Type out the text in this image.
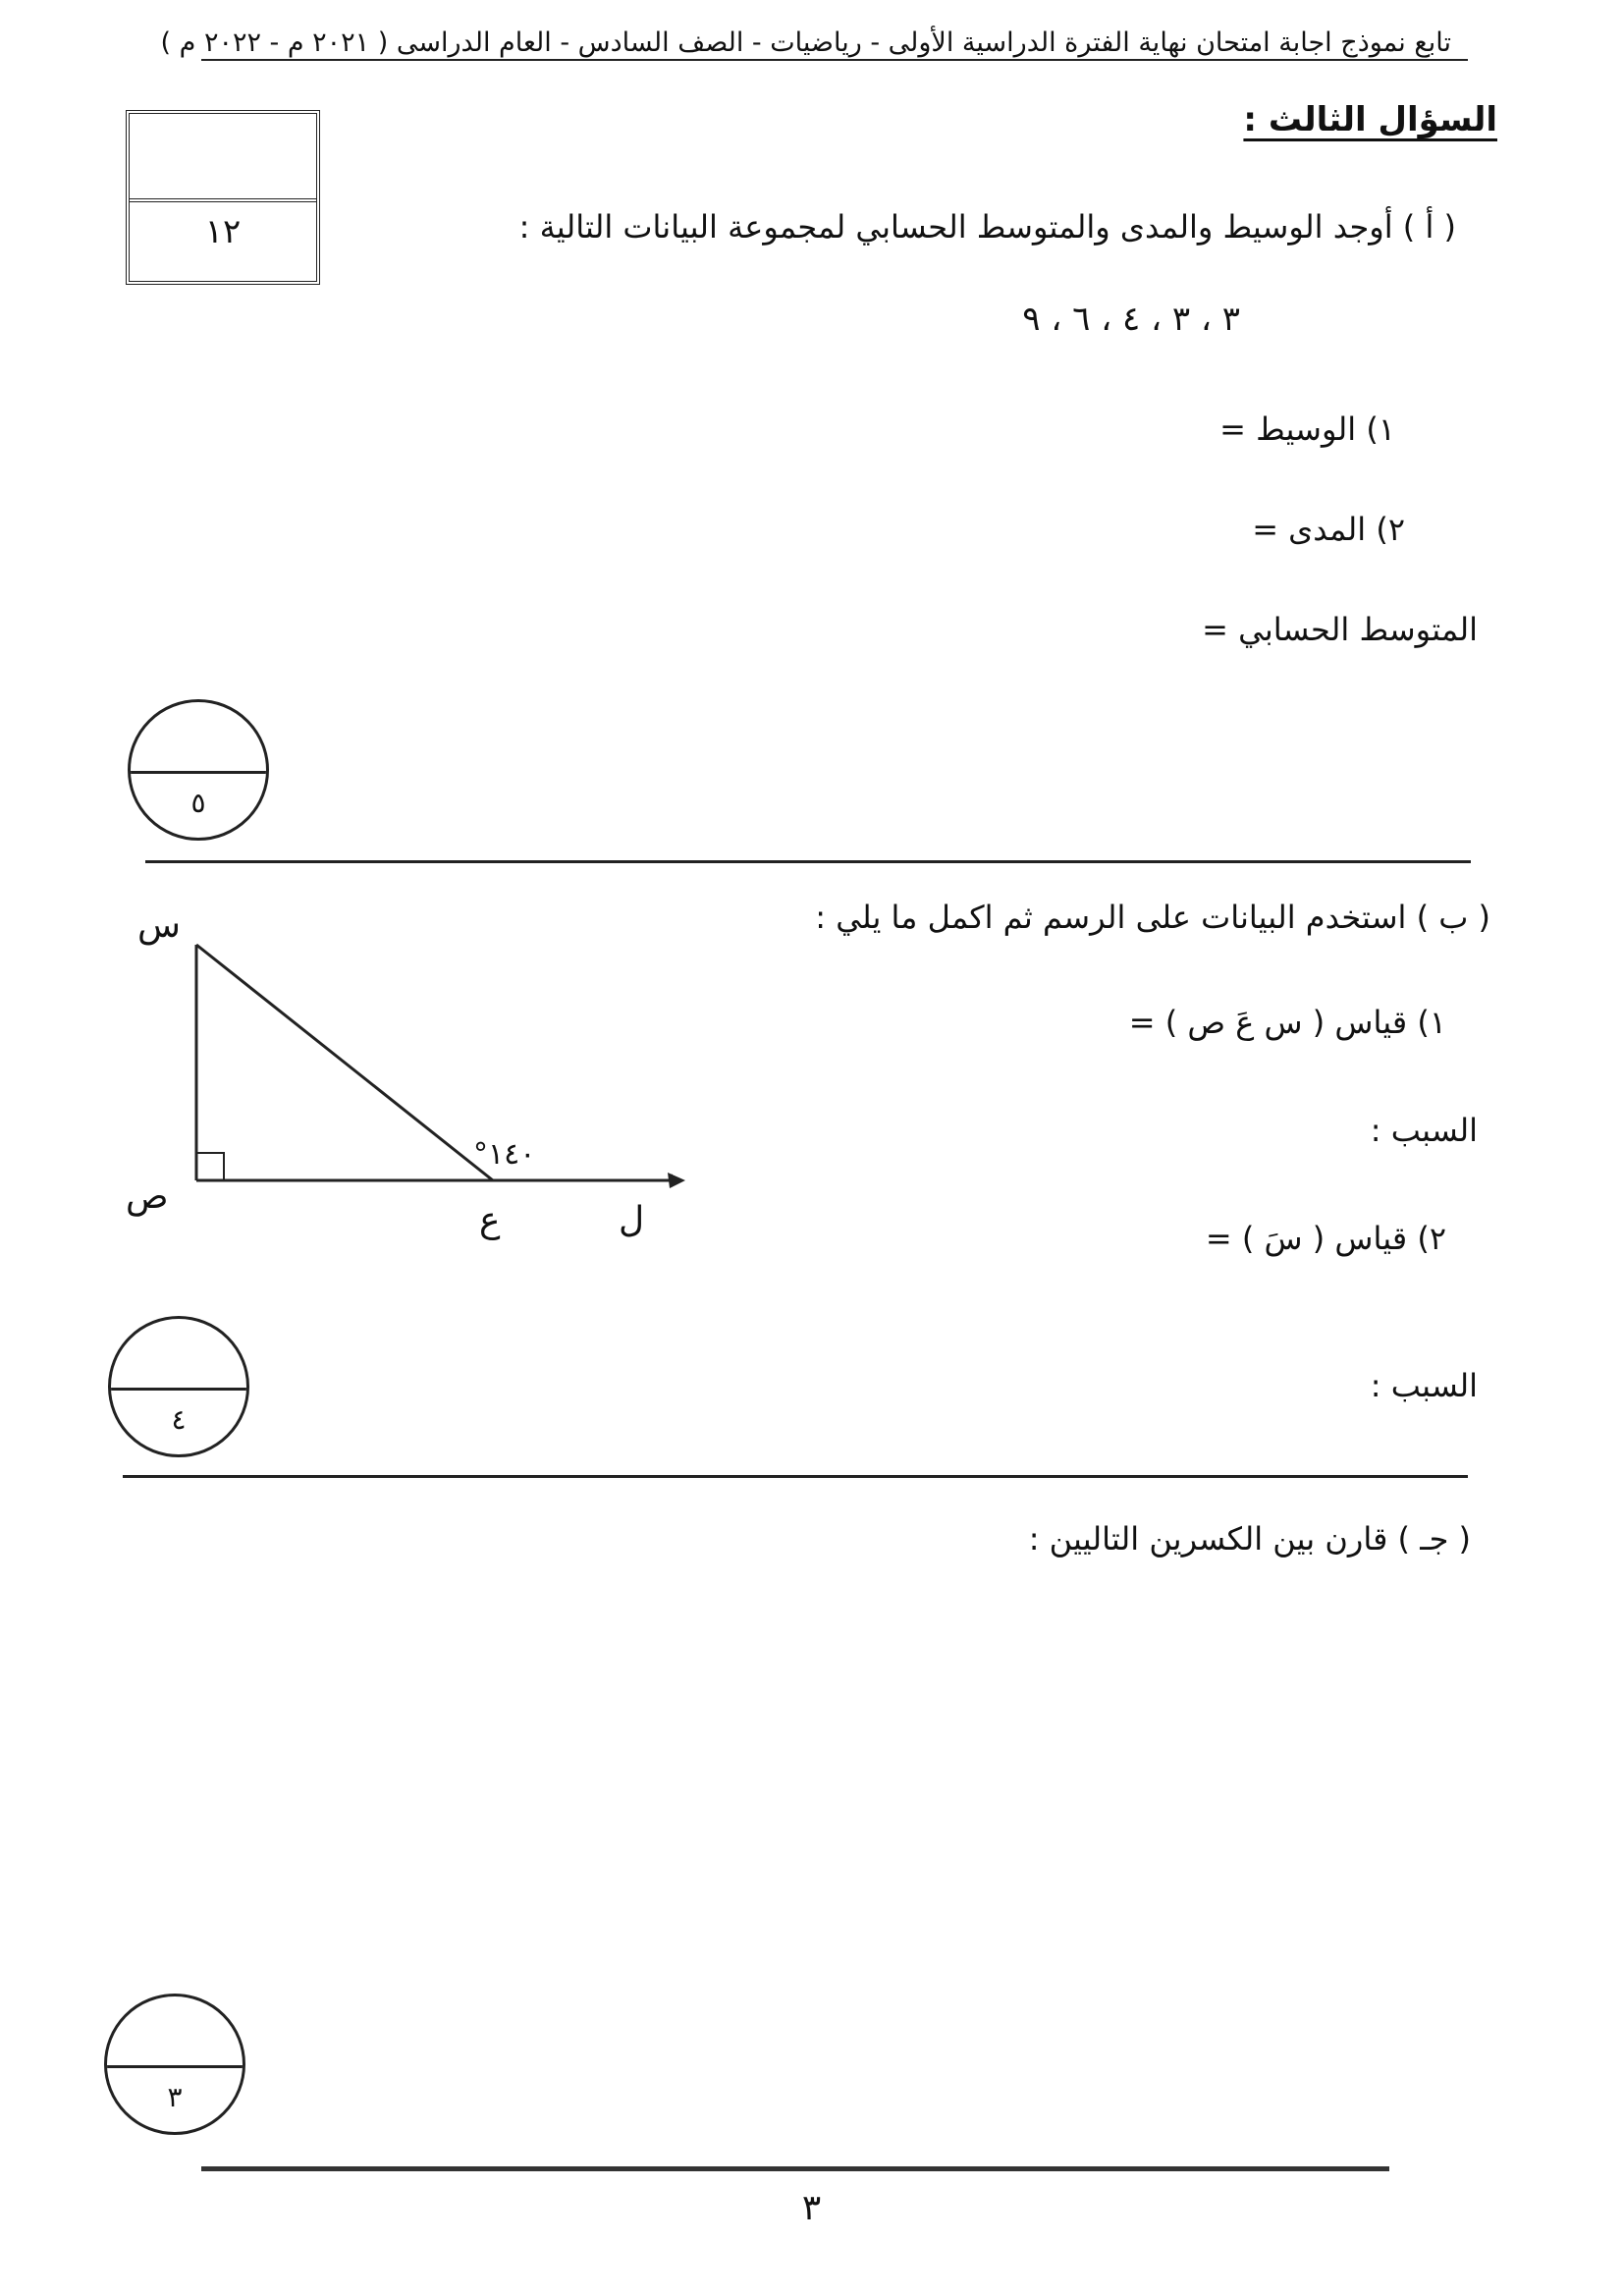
تابع نموذج اجابة امتحان نهاية الفترة الدراسية الأولى - رياضيات - الصف السادس - العام الدراسى ( ٢٠٢١ م - ٢٠٢٢ م )
السؤال الثالث :
١٢	( أ ) أوجد الوسيط والمدى والمتوسط الحسابي لمجموعة البيانات التالية :
٣ ، ٣ ، ٤ ، ٦ ، ٩
١) الوسيط =
٢) المدى =
المتوسط الحسابي =
٥
( ب ) استخدم البيانات على الرسم ثم اكمل ما يلي :
١) قياس ( س عَ ص ) =
السبب :
٢) قياس ( سَ ) =
السبب :
س
ص
ع	ل
°١٤٠
٤
( جـ ) قارن بين الكسرين التاليين :
٣
٣
